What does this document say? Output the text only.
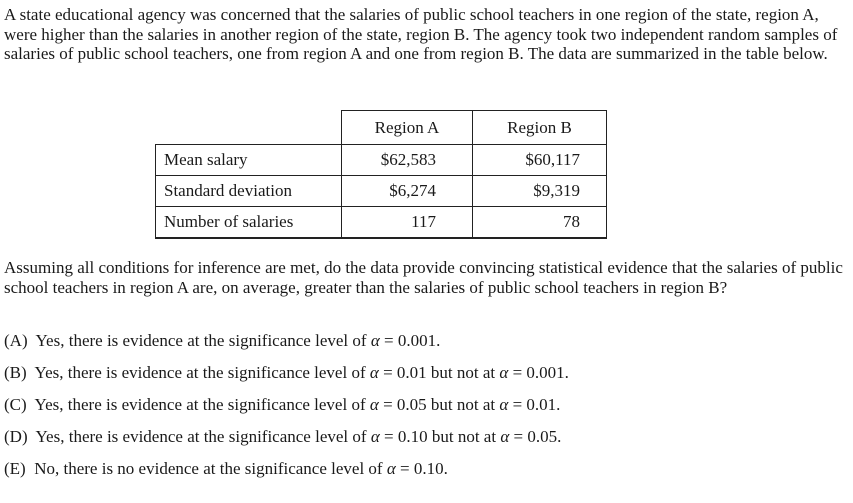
A state educational agency was concerned that the salaries of public school teachers in one region of the state, region A, were higher than the salaries in another region of the state, region B. The agency took two independent random samples of salaries of public school teachers, one from region A and one from region B. The data are summarized in the table below.

	Region A	Region B
Mean salary	$62,583	$60,117
Standard deviation	$6,274	$9,319
Number of salaries	117	78

Assuming all conditions for inference are met, do the data provide convincing statistical evidence that the salaries of public school teachers in region A are, on average, greater than the salaries of public school teachers in region B?

(A) Yes, there is evidence at the significance level of α = 0.001.
(B) Yes, there is evidence at the significance level of α = 0.01 but not at α = 0.001.
(C) Yes, there is evidence at the significance level of α = 0.05 but not at α = 0.01.
(D) Yes, there is evidence at the significance level of α = 0.10 but not at α = 0.05.
(E) No, there is no evidence at the significance level of α = 0.10.
